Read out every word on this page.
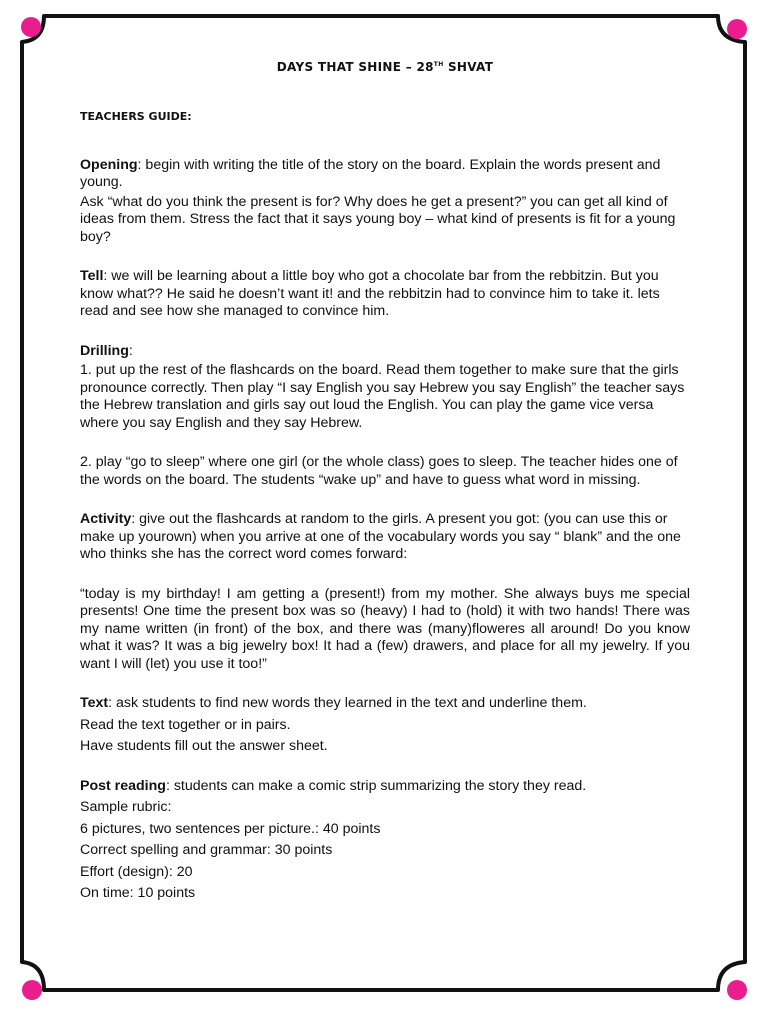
DAYS THAT SHINE – 28TH SHVAT
TEACHERS GUIDE:

Opening: begin with writing the title of the story on the board. Explain the words present and young.

Ask “what do you think the present is for? Why does he get a present?” you can get all kind of ideas from them. Stress the fact that it says young boy – what kind of presents is fit for a young boy?

Tell: we will be learning about a little boy who got a chocolate bar from the rebbitzin. But you know what?? He said he doesn’t want it! and the rebbitzin had to convince him to take it. lets read and see how she managed to convince him.

Drilling:

1. put up the rest of the flashcards on the board. Read them together to make sure that the girls pronounce correctly. Then play “I say English you say Hebrew you say English” the teacher says the Hebrew translation and girls say out loud the English. You can play the game vice versa where you say English and they say Hebrew.

2. play “go to sleep” where one girl (or the whole class) goes to sleep. The teacher hides one of the words on the board. The students “wake up” and have to guess what word in missing.

Activity: give out the flashcards at random to the girls. A present you got: (you can use this or make up yourown) when you arrive at one of the vocabulary words you say “ blank” and the one who thinks she has the correct word comes forward:

“today is my birthday! I am getting a (present!) from my mother. She always buys me special presents! One time the present box was so (heavy) I had to (hold) it with two hands! There was my name written (in front) of the box, and there was (many)floweres all around! Do you know what it was? It was a big jewelry box! It had a (few) drawers, and place for all my jewelry. If you want I will (let) you use it too!”

Text: ask students to find new words they learned in the text and underline them.

Read the text together or in pairs.

Have students fill out the answer sheet.

Post reading: students can make a comic strip summarizing the story they read.

Sample rubric:

6 pictures, two sentences per picture.: 40 points

Correct spelling and grammar: 30 points

Effort (design): 20

On time: 10 points
